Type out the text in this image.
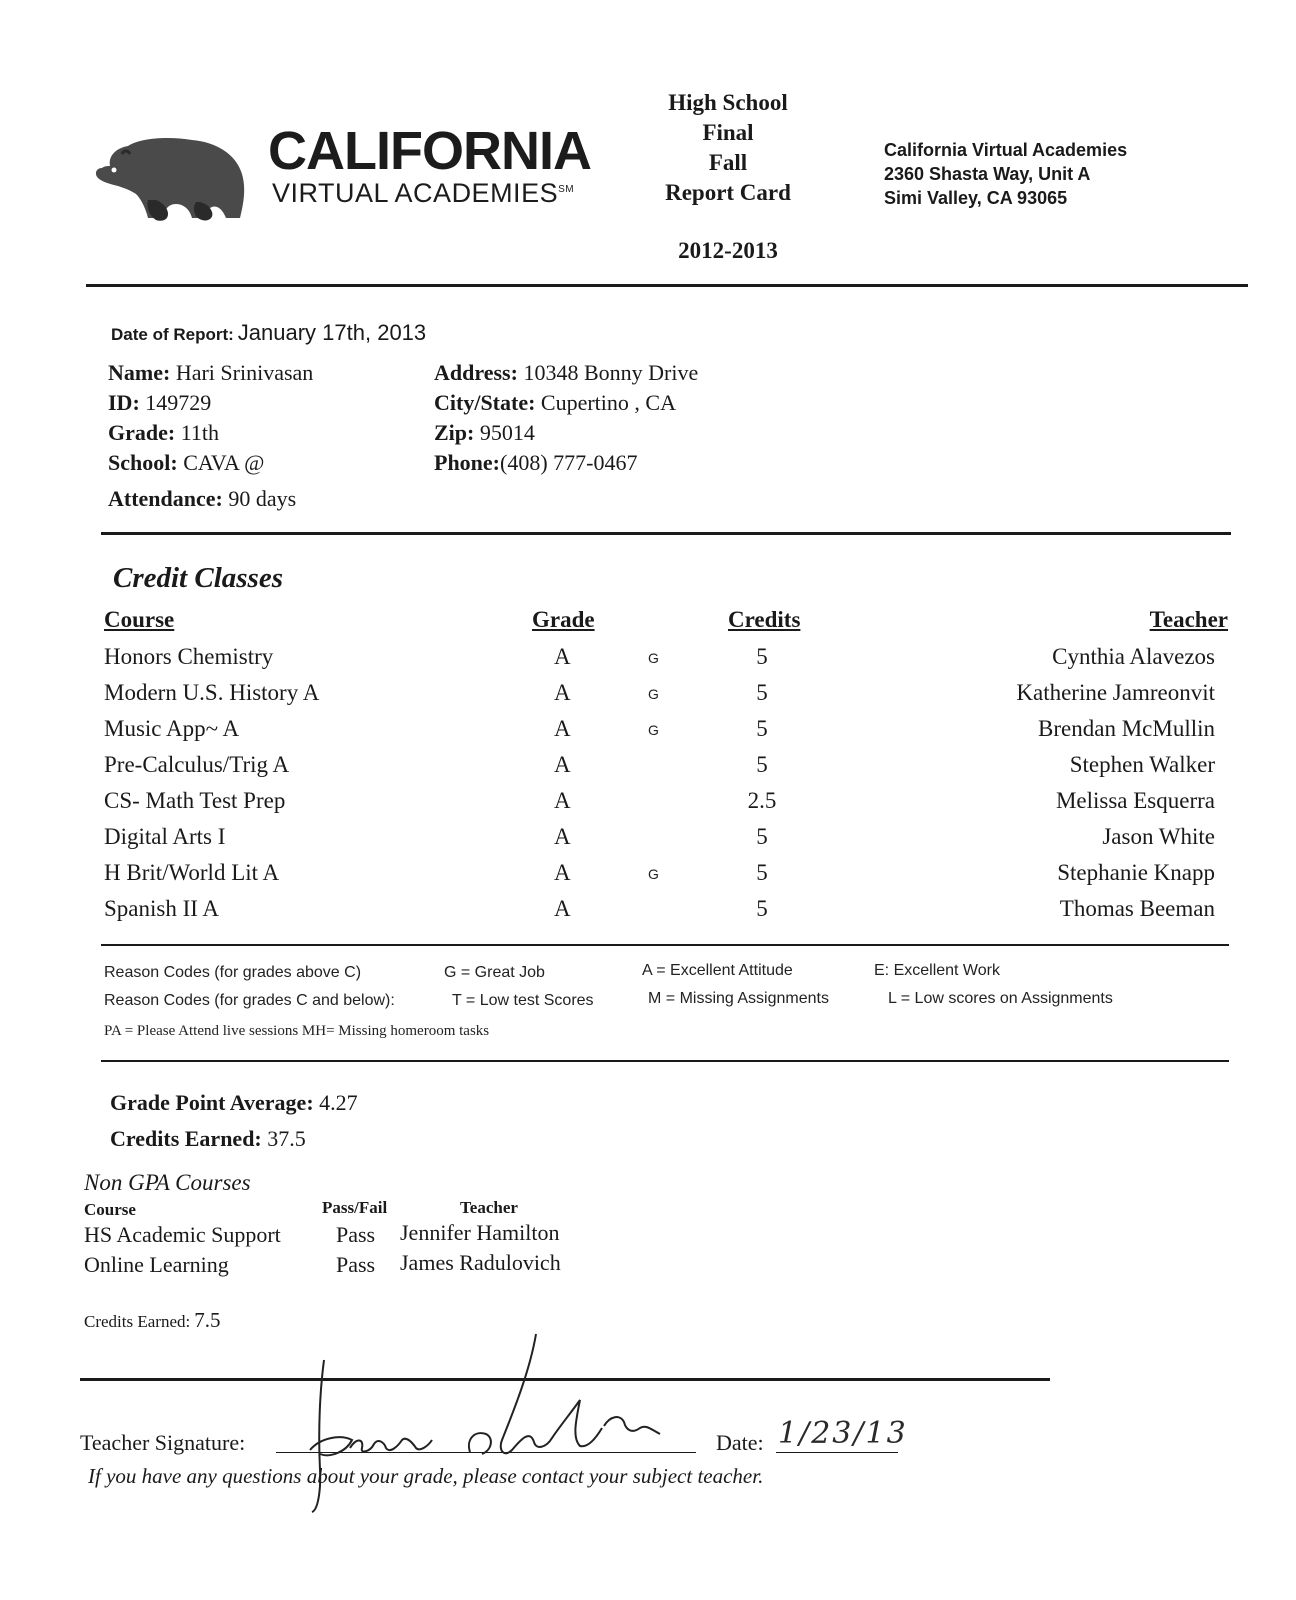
CALIFORNIA
VIRTUAL ACADEMIES℠
High School
Final
Fall
Report Card
2012-2013
California Virtual Academies
2360 Shasta Way, Unit A
Simi Valley, CA 93065
Date of Report: January 17th, 2013
Name: Hari Srinivasan
ID: 149729
Grade: 11th
School: CAVA @
Attendance: 90 days
Address: 10348 Bonny Drive
City/State: Cupertino , CA
Zip: 95014
Phone:(408) 777-0467
Credit Classes
Course	Grade	Credits	Teacher
Honors Chemistry	A	G	5	Cynthia Alavezos
Modern U.S. History A	A	G	5	Katherine Jamreonvit
Music App~ A	A	G	5	Brendan McMullin
Pre-Calculus/Trig A	A	5	Stephen Walker
CS- Math Test Prep	A	2.5	Melissa Esquerra
Digital Arts I	A	5	Jason White
H Brit/World Lit A	A	G	5	Stephanie Knapp
Spanish II A	A	5	Thomas Beeman
Reason Codes (for grades above C)	G = Great Job	A = Excellent Attitude	E: Excellent Work
Reason Codes (for grades C and below):	T = Low test Scores	M = Missing Assignments	L = Low scores on Assignments
PA = Please Attend live sessions MH= Missing homeroom tasks
Grade Point Average: 4.27
Credits Earned: 37.5
Non GPA Courses
Course	Pass/Fail	Teacher
HS Academic Support	Pass Jennifer Hamilton
Online Learning	Pass James Radulovich
Credits Earned: 7.5
Teacher Signature:	Date: 1/23/13
If you have any questions about your grade, please contact your subject teacher.
